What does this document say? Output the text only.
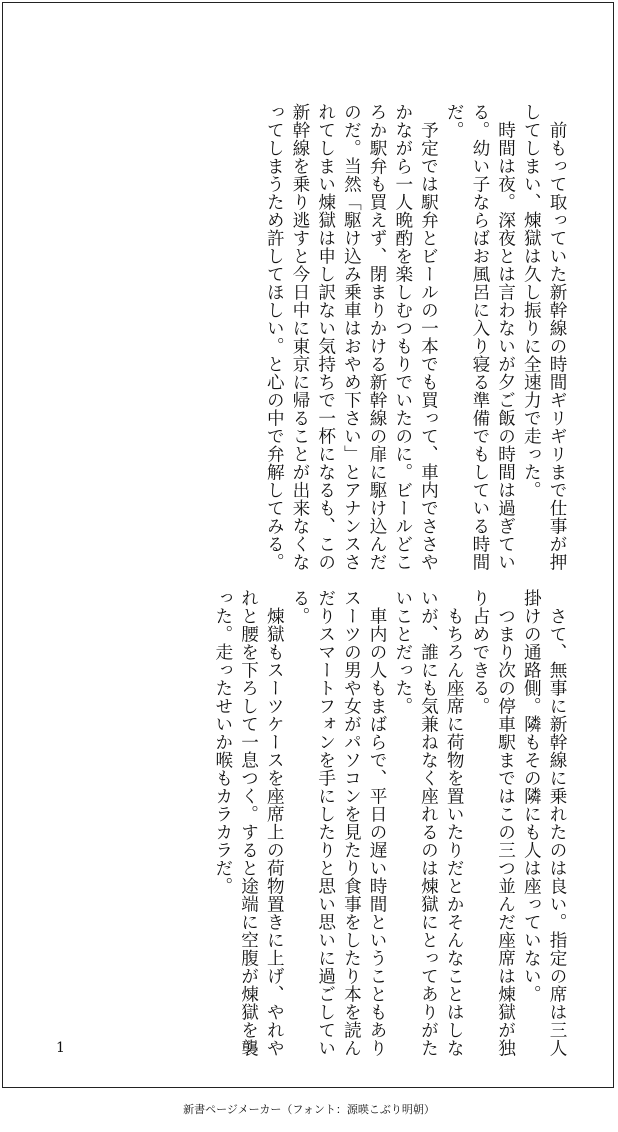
前もって取っていた新幹線の時間ギリギリまで仕事が押してしまい、煉獄は久し振りに全速力で走った。

時間は夜。深夜とは言わないが夕ご飯の時間は過ぎている。幼い子ならばお風呂に入り寝る準備でもしている時間だ。

予定では駅弁とビールの一本でも買って、車内でささやかながら一人晩酌を楽しむつもりでいたのに。ビールどころか駅弁も買えず、閉まりかける新幹線の扉に駆け込んだのだ。当然「駆け込み乗車はおやめ下さい」とアナンスされてしまい煉獄は申し訳ない気持ちで一杯になるも、この新幹線を乗り逃すと今日中に東京に帰ることが出来なくなってしまうため許してほしい。と心の中で弁解してみる。

さて、無事に新幹線に乗れたのは良い。指定の席は三人掛けの通路側。隣もその隣にも人は座っていない。

つまり次の停車駅まではこの三つ並んだ座席は煉獄が独り占めできる。

もちろん座席に荷物を置いたりだとかそんなことはしないが、誰にも気兼ねなく座れるのは煉獄にとってありがたいことだった。

車内の人もまばらで、平日の遅い時間ということもありスーツの男や女がパソコンを見たり食事をしたり本を読んだりスマートフォンを手にしたりと思い思いに過ごしている。

煉獄もスーツケースを座席上の荷物置きに上げ、やれやれと腰を下ろして一息つく。すると途端に空腹が煉獄を襲った。走ったせいか喉もカラカラだ。

1
新書ページメーカー（フォント：源暎こぶり明朝）
